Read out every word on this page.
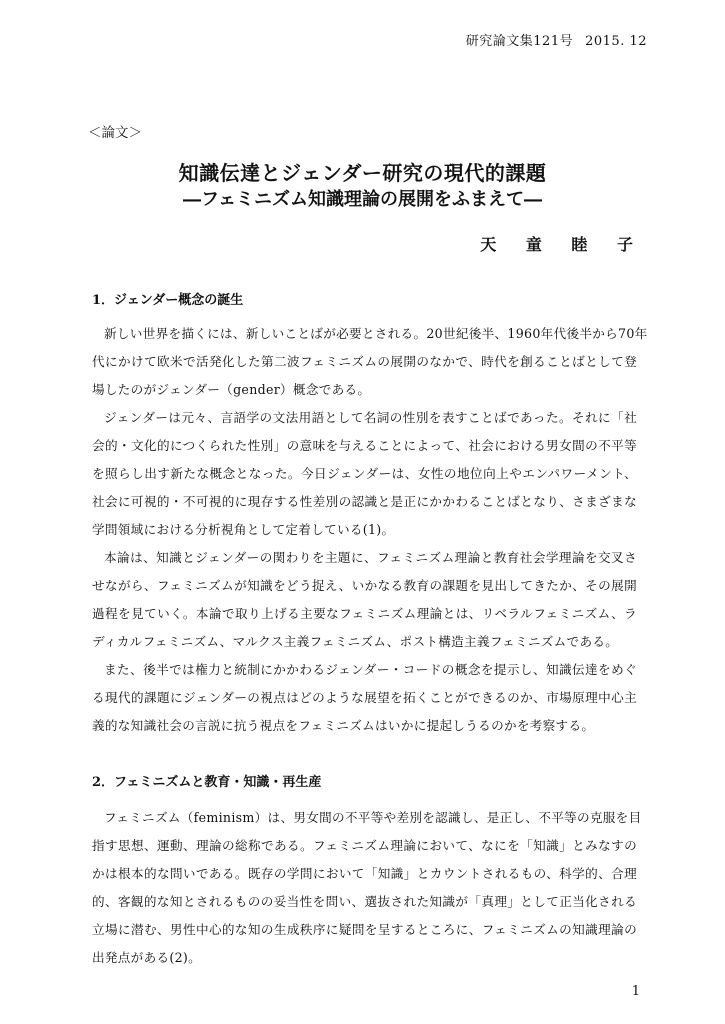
研究論文集121号 2015. 12
＜論文＞
知識伝達とジェンダー研究の現代的課題
―フェミニズム知識理論の展開をふまえて―
天 童 睦 子
1．ジェンダー概念の誕生
新しい世界を描くには、新しいことばが必要とされる。20世紀後半、1960年代後半から70年
代にかけて欧米で活発化した第二波フェミニズムの展開のなかで、時代を創ることばとして登
場したのがジェンダー（gender）概念である。
ジェンダーは元々、言語学の文法用語として名詞の性別を表すことばであった。それに「社
会的・文化的につくられた性別」の意味を与えることによって、社会における男女間の不平等
を照らし出す新たな概念となった。今日ジェンダーは、女性の地位向上やエンパワーメント、
社会に可視的・不可視的に現存する性差別の認識と是正にかかわることばとなり、さまざまな
学問領域における分析視角として定着している(1)。
本論は、知識とジェンダーの関わりを主題に、フェミニズム理論と教育社会学理論を交叉さ
せながら、フェミニズムが知識をどう捉え、いかなる教育の課題を見出してきたか、その展開
過程を見ていく。本論で取り上げる主要なフェミニズム理論とは、リベラルフェミニズム、ラ
ディカルフェミニズム、マルクス主義フェミニズム、ポスト構造主義フェミニズムである。
また、後半では権力と統制にかかわるジェンダー・コードの概念を提示し、知識伝達をめぐ
る現代的課題にジェンダーの視点はどのような展望を拓くことができるのか、市場原理中心主
義的な知識社会の言説に抗う視点をフェミニズムはいかに提起しうるのかを考察する。
2．フェミニズムと教育・知識・再生産
フェミニズム（feminism）は、男女間の不平等や差別を認識し、是正し、不平等の克服を目
指す思想、運動、理論の総称である。フェミニズム理論において、なにを「知識」とみなすの
かは根本的な問いである。既存の学問において「知識」とカウントされるもの、科学的、合理
的、客観的な知とされるものの妥当性を問い、選抜された知識が「真理」として正当化される
立場に潜む、男性中心的な知の生成秩序に疑問を呈するところに、フェミニズムの知識理論の
出発点がある(2)。
1
